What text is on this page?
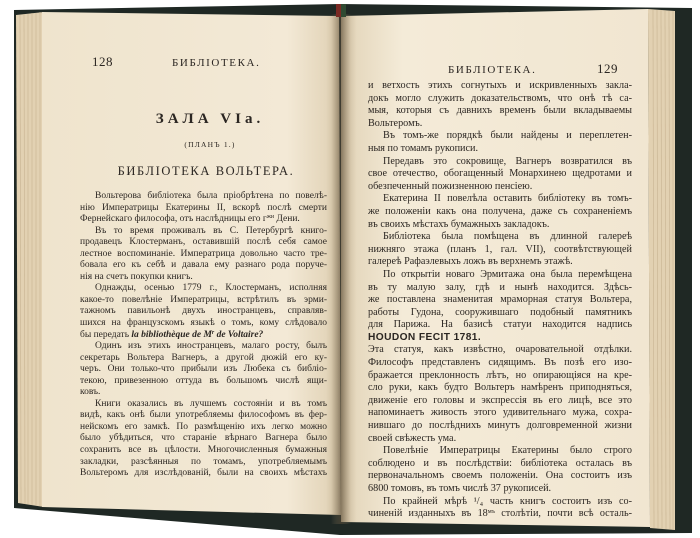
128	БИБЛІОТЕКА.
ЗАЛА VIa.
(ПЛАНЪ 1.)
БИБЛІОТЕКА ВОЛЬТЕРА.
Вольтерова библіотека была пріобрѣтена по повелѣ-
нію Императрицы Екатерины II, вскорѣ послѣ смерти
Фернейскаго философа, отъ наслѣдницы его $г^{жи}$ Дени.
Въ то время проживалъ въ С. Петербургѣ книго-
продавецъ Клостерманъ, оставившій послѣ себя самое
лестное воспоминаніе. Императрица довольно часто тре-
бовала его къ себѣ и давала ему разнаго рода поруче-
нія на счетъ покупки книгъ.
Однажды, осенью 1779 г., Клостерманъ, исполняя
какое-то повелѣніе Императрицы, встрѣтилъ въ эрми-
тажномъ павильонѣ двухъ иностранцевъ, справляв-
шихся на французскомъ языкѣ о томъ, кому слѣдовало
бы передать la bibliothèque de $M^r$ de Voltaire?
Одинъ изъ этихъ иностранцевъ, малаго росту, былъ
секретарь Вольтера Вагнеръ, а другой дюжій его ку-
черъ. Они только-что прибыли изъ Любека съ библіо-
текою, привезенною оттуда въ большомъ числѣ ящи-
ковъ.
Книги оказались въ лучшемъ состояніи и въ томъ
видѣ, какъ онѣ были употребляемы философомъ въ фер-
нейскомъ его замкѣ. По размѣщенію ихъ легко можно
было убѣдиться, что стараніе вѣрнаго Вагнера было
сохранить все въ цѣлости. Многочисленныя бумажныя
закладки, разсѣянныя по томамъ, употребляемымъ
Вольтеромъ для изслѣдованій, были на своихъ мѣстахъ
БИБЛІОТЕКА.	129
и ветхость этихъ согнутыхъ и искривленныхъ закла-
докъ могло служить доказательствомъ, что онѣ тѣ са-
мыя, которыя съ давнихъ временъ были вкладываемы
Вольтеромъ.
Въ томъ-же порядкѣ были найдены и переплетен-
ныя по томамъ рукописи.
Передавъ это сокровище, Вагнеръ возвратился въ
свое отечество, обогащенный Монархинею щедротами и
обезпеченный пожизненною пенсіею.
Екатерина II повелѣла оставить библіотеку въ томъ-
же положеніи какъ она получена, даже съ сохраненіемъ
въ своихъ мѣстахъ бумажныхъ закладокъ.
Библіотека была помѣщена въ длинной галереѣ
нижняго этажа (планъ 1, гал. VII), соотвѣтствующей
галереѣ Рафаэлевыхъ ложъ въ верхнемъ этажѣ.
По открытіи новаго Эрмитажа она была перемѣщена
въ ту малую залу, гдѣ и нынѣ находится. Здѣсь-
же поставлена знаменитая мраморная статуя Вольтера,
работы Гудона, сооружившаго подобный памятникъ
для Парижа. На базисѣ статуи находится надпись
HOUDON FECIT 1781.
Эта статуя, какъ извѣстно, очаровательной отдѣлки.
Философъ представленъ сидящимъ. Въ позѣ его изо-
бражается преклонность лѣтъ, но опирающіяся на кре-
сло руки, какъ будто Вольтеръ намѣренъ приподняться,
движеніе его головы и экспрессія въ его лицѣ, все это
напоминаетъ живость этого удивительнаго мужа, сохра-
нившаго до послѣднихъ минутъ долговременной жизни
своей свѣжесть ума.
Повелѣніе Императрицы Екатерины было строго
соблюдено и въ послѣдствіи: библіотека осталась въ
первоначальномъ своемъ положеніи. Она состоитъ изъ
6800 томовъ, въ томъ числѣ 37 рукописей.
По крайней мѣрѣ ¹/₄ часть книгъ состоитъ изъ со-
чиненій изданныхъ въ $18^{мъ}$ столѣтіи, почти всѣ осталь-
